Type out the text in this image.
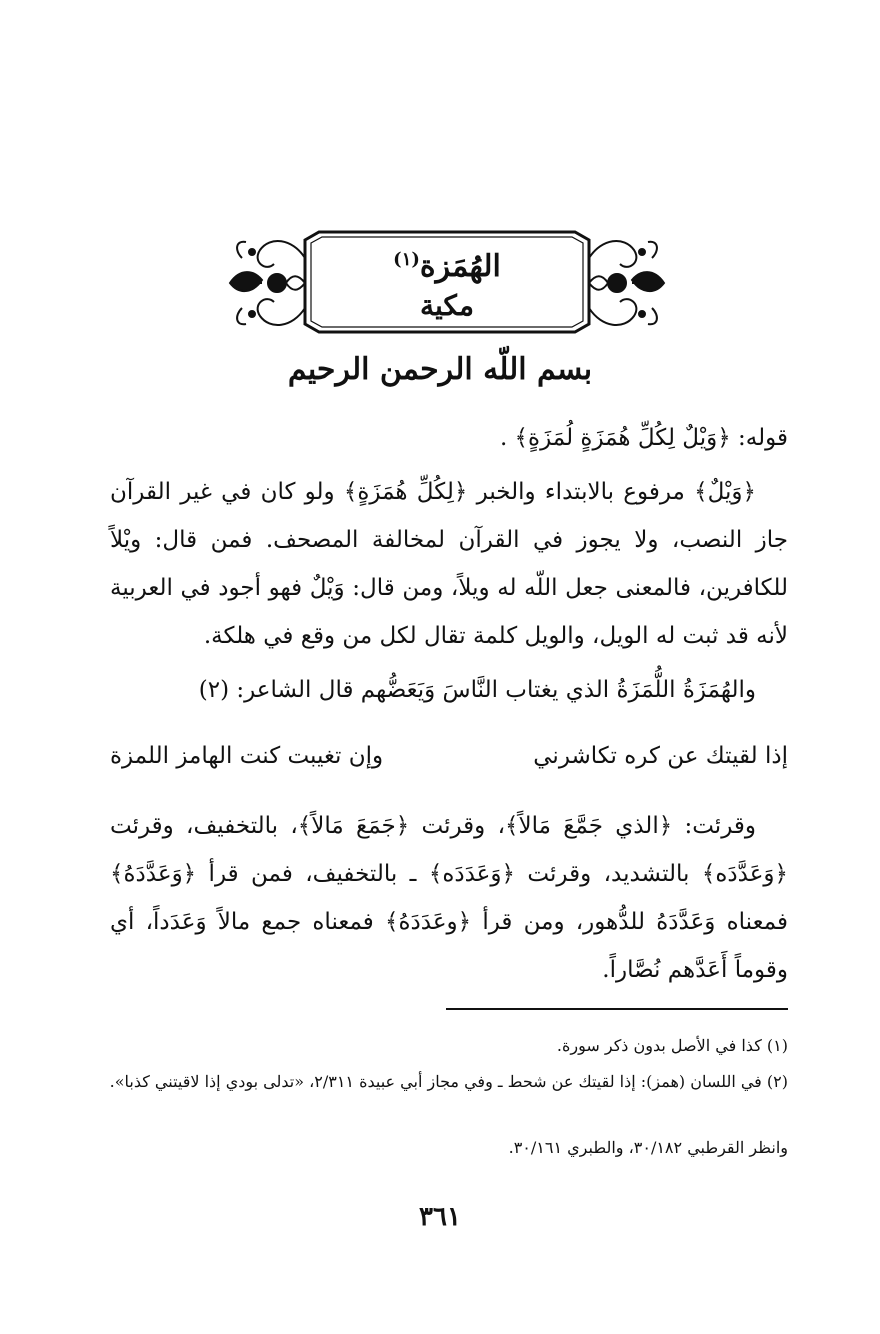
الهُمَزة$^{(١)}$
مكية
بسم اللّه الرحمن الرحيم
قوله: ﴿وَيْلٌ لِكُلِّ هُمَزَةٍ لُمَزَةٍ﴾ .
﴿وَيْلٌ﴾ مرفوع بالابتداء والخبر ﴿لِكُلِّ هُمَزَةٍ﴾ ولو كان في غير القرآن جاز النصب، ولا يجوز في القرآن لمخالفة المصحف. فمن قال: ويْلاً للكافرين، فالمعنى جعل اللّه له ويلاً، ومن قال: وَيْلٌ فهو أجود في العربية لأنه قد ثبت له الويل، والويل كلمة تقال لكل من وقع في هلكة.
والهُمَزَةُ اللُّمَزَةُ الذي يغتاب النَّاسَ وَيَعَضُّهم قال الشاعر: (٢)
إذا لقيتك عن كره تكاشرني
وإن تغيبت كنت الهامز اللمزة
وقرئت: ﴿الذي جَمَّعَ مَالاً﴾، وقرئت ﴿جَمَعَ مَالاً﴾، بالتخفيف، وقرئت ﴿وَعَدَّدَه﴾ بالتشديد، وقرئت ﴿وَعَدَدَه﴾ ـ بالتخفيف، فمن قرأ ﴿وَعَدَّدَهُ﴾ فمعناه وَعَدَّدَهُ للدُّهور، ومن قرأ ﴿وعَدَدَهُ﴾ فمعناه جمع مالاً وَعَدَداً، أي وقوماً أَعَدَّهم نُصَّاراً.
(١) كذا في الأصل بدون ذكر سورة.
(٢) في اللسان (همز): إذا لقيتك عن شحط ـ وفي مجاز أبي عبيدة ٢/٣١١، «تدلى بودي إذا لاقيتني كذبا».
وانظر القرطبي ٣٠/١٨٢، والطبري ٣٠/١٦١.
٣٦١
